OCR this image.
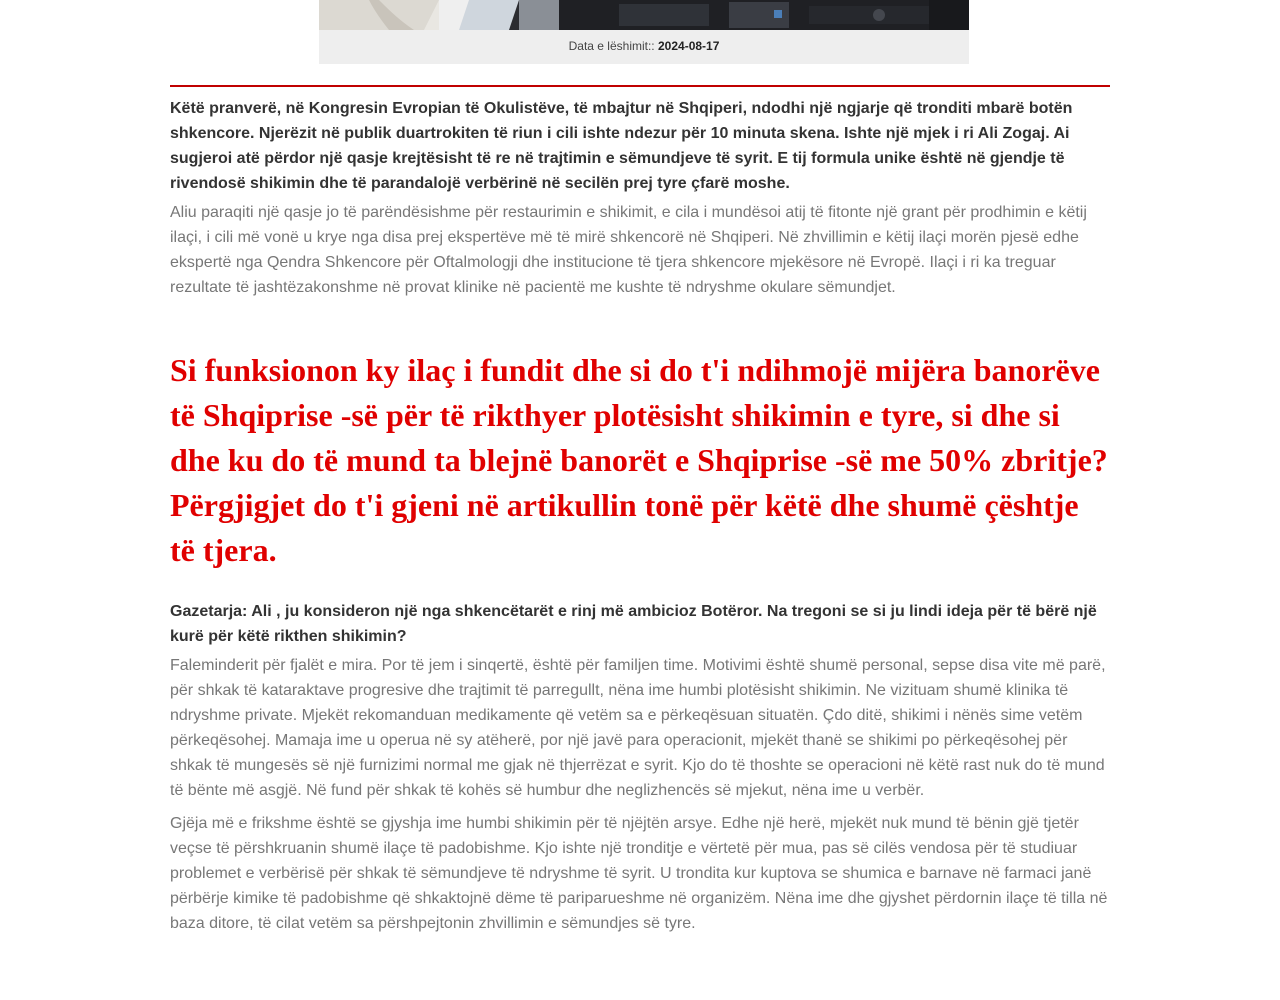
Data e lëshimit:: 2024-08-17

Këtë pranverë, në Kongresin Evropian të Okulistëve, të mbajtur në Shqiperi, ndodhi një ngjarje që tronditi mbarë botën shkencore. Njerëzit në publik duartrokiten të riun i cili ishte ndezur për 10 minuta skena. Ishte një mjek i ri Ali Zogaj. Ai sugjeroi atë përdor një qasje krejtësisht të re në trajtimin e sëmundjeve të syrit. E tij formula unike është në gjendje të rivendosë shikimin dhe të parandalojë verbërinë në secilën prej tyre çfarë moshe.

Aliu paraqiti një qasje jo të parëndësishme për restaurimin e shikimit, e cila i mundësoi atij të fitonte një grant për prodhimin e këtij ilaçi, i cili më vonë u krye nga disa prej ekspertëve më të mirë shkencorë në Shqiperi. Në zhvillimin e këtij ilaçi morën pjesë edhe ekspertë nga Qendra Shkencore për Oftalmologji dhe institucione të tjera shkencore mjekësore në Evropë. Ilaçi i ri ka treguar rezultate të jashtëzakonshme në provat klinike në pacientë me kushte të ndryshme okulare sëmundjet.

Si funksionon ky ilaç i fundit dhe si do t'i ndihmojë mijëra banorëve të Shqiprise -së për të rikthyer plotësisht shikimin e tyre, si dhe si dhe ku do të mund ta blejnë banorët e Shqiprise -së me 50% zbritje? Përgjigjet do t'i gjeni në artikullin tonë për këtë dhe shumë çështje të tjera.

Gazetarja: Ali , ju konsideron një nga shkencëtarët e rinj më ambicioz Botëror. Na tregoni se si ju lindi ideja për të bërë një kurë për këtë rikthen shikimin?

Faleminderit për fjalët e mira. Por të jem i sinqertë, është për familjen time. Motivimi është shumë personal, sepse disa vite më parë, për shkak të kataraktave progresive dhe trajtimit të parregullt, nëna ime humbi plotësisht shikimin. Ne vizituam shumë klinika të ndryshme private. Mjekët rekomanduan medikamente që vetëm sa e përkeqësuan situatën. Çdo ditë, shikimi i nënës sime vetëm përkeqësohej. Mamaja ime u operua në sy atëherë, por një javë para operacionit, mjekët thanë se shikimi po përkeqësohej për shkak të mungesës së një furnizimi normal me gjak në thjerrëzat e syrit. Kjo do të thoshte se operacioni në këtë rast nuk do të mund të bënte më asgjë. Në fund për shkak të kohës së humbur dhe neglizhencës së mjekut, nëna ime u verbër.

Gjëja më e frikshme është se gjyshja ime humbi shikimin për të njëjtën arsye. Edhe një herë, mjekët nuk mund të bënin gjë tjetër veçse të përshkruanin shumë ilaçe të padobishme. Kjo ishte një tronditje e vërtetë për mua, pas së cilës vendosa për të studiuar problemet e verbërisë për shkak të sëmundjeve të ndryshme të syrit. U trondita kur kuptova se shumica e barnave në farmaci janë përbërje kimike të padobishme që shkaktojnë dëme të pariparueshme në organizëm. Nëna ime dhe gjyshet përdornin ilaçe të tilla në baza ditore, të cilat vetëm sa përshpejtonin zhvillimin e sëmundjes së tyre.
